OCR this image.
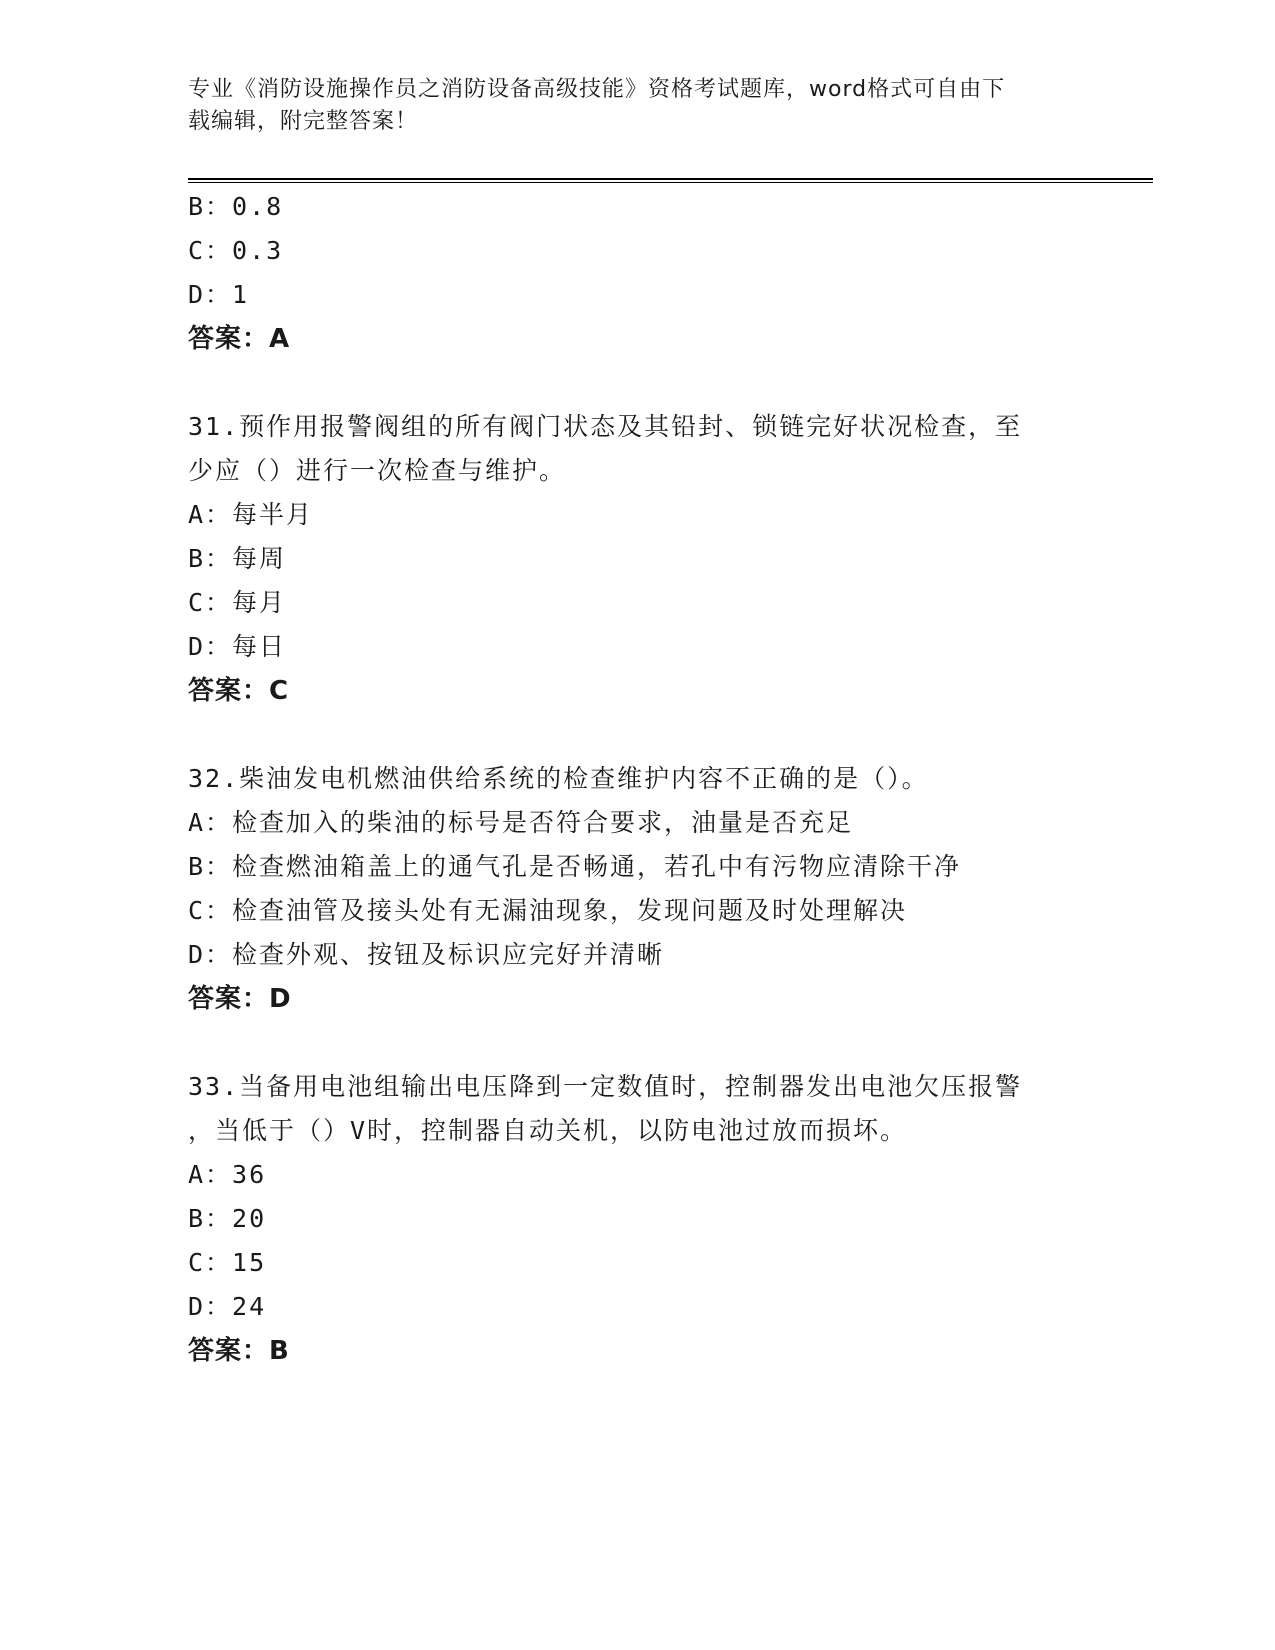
专业《消防设施操作员之消防设备高级技能》资格考试题库，word格式可自由下
载编辑，附完整答案！
B：0.8
C：0.3
D：1
答案：A
31.预作用报警阀组的所有阀门状态及其铅封、锁链完好状况检查，至
少应（）进行一次检查与维护。
A：每半月
B：每周
C：每月
D：每日
答案：C
32.柴油发电机燃油供给系统的检查维护内容不正确的是（）。
A：检查加入的柴油的标号是否符合要求，油量是否充足
B：检查燃油箱盖上的通气孔是否畅通，若孔中有污物应清除干净
C：检查油管及接头处有无漏油现象，发现问题及时处理解决
D：检查外观、按钮及标识应完好并清晰
答案：D
33.当备用电池组输出电压降到一定数值时，控制器发出电池欠压报警
，当低于（）V时，控制器自动关机，以防电池过放而损坏。
A：36
B：20
C：15
D：24
答案：B
